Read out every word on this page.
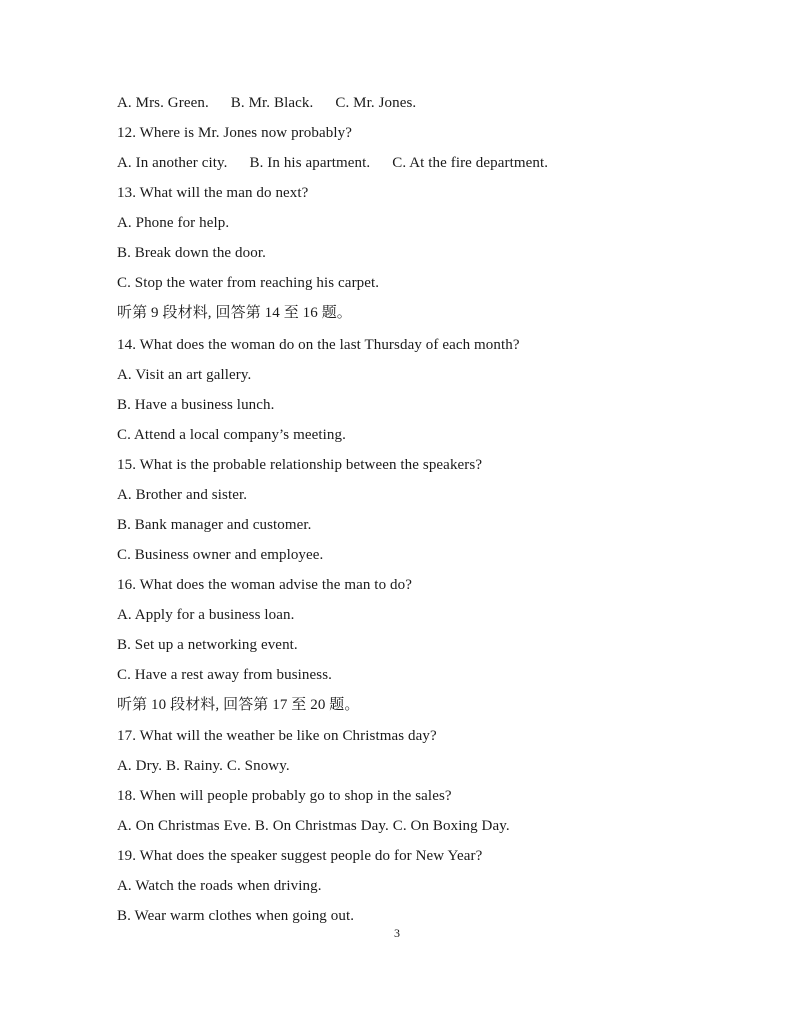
A. Mrs. Green. B. Mr. Black. C. Mr. Jones.
12. Where is Mr. Jones now probably?
A. In another city. B. In his apartment. C. At the fire department.
13. What will the man do next?
A. Phone for help.
B. Break down the door.
C. Stop the water from reaching his carpet.
听第 9 段材料, 回答第 14 至 16 题。
14. What does the woman do on the last Thursday of each month?
A. Visit an art gallery.
B. Have a business lunch.
C. Attend a local company’s meeting.
15. What is the probable relationship between the speakers?
A. Brother and sister.
B. Bank manager and customer.
C. Business owner and employee.
16. What does the woman advise the man to do?
A. Apply for a business loan.
B. Set up a networking event.
C. Have a rest away from business.
听第 10 段材料, 回答第 17 至 20 题。
17. What will the weather be like on Christmas day?
A. Dry. B. Rainy. C. Snowy.
18. When will people probably go to shop in the sales?
A. On Christmas Eve. B. On Christmas Day. C. On Boxing Day.
19. What does the speaker suggest people do for New Year?
A. Watch the roads when driving.
B. Wear warm clothes when going out.
3
